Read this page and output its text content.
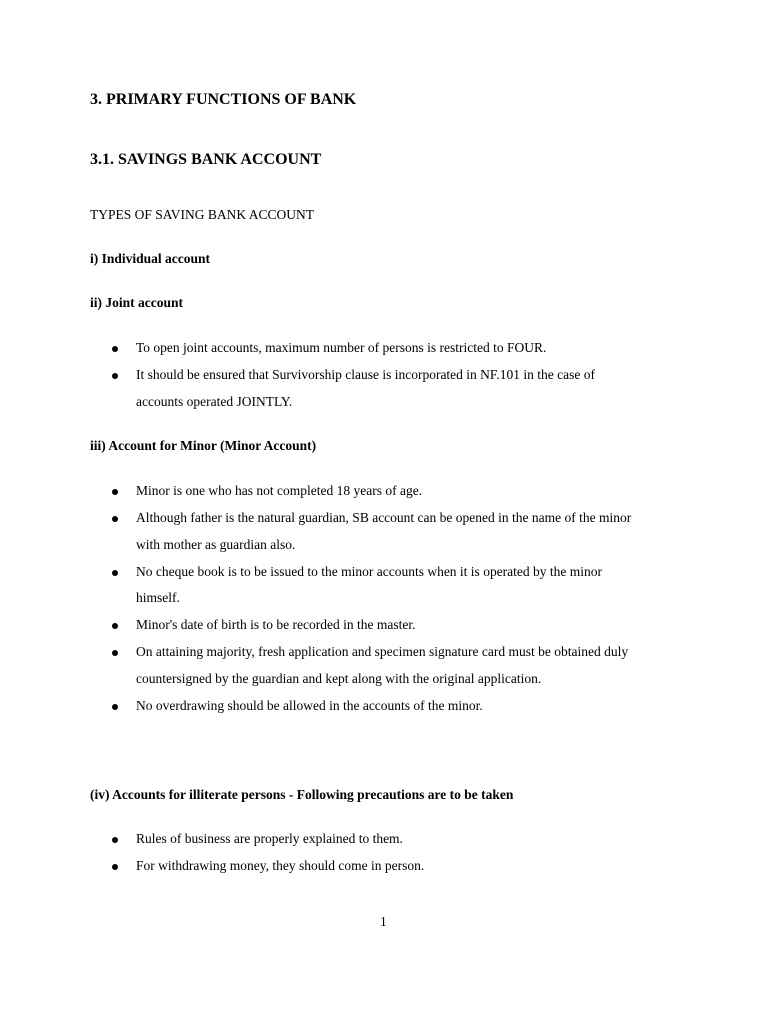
3. PRIMARY FUNCTIONS OF BANK
3.1. SAVINGS BANK ACCOUNT
TYPES OF SAVING BANK ACCOUNT
i) Individual account
ii) Joint account
To open joint accounts, maximum number of persons is restricted to FOUR.
It should be ensured that Survivorship clause is incorporated in NF.101 in the case of
accounts operated JOINTLY.
iii) Account for Minor (Minor Account)
Minor is one who has not completed 18 years of age.
Although father is the natural guardian, SB account can be opened in the name of the minor
with mother as guardian also.
No cheque book is to be issued to the minor accounts when it is operated by the minor
himself.
Minor's date of birth is to be recorded in the master.
On attaining majority, fresh application and specimen signature card must be obtained duly
countersigned by the guardian and kept along with the original application.
No overdrawing should be allowed in the accounts of the minor.
(iv) Accounts for illiterate persons - Following precautions are to be taken
Rules of business are properly explained to them.
For withdrawing money, they should come in person.
1
